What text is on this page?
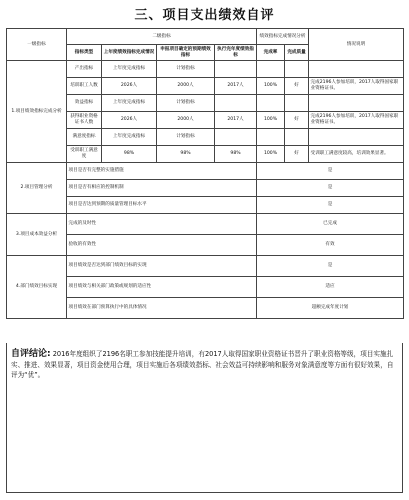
三、项目支出绩效自评
一级指标	二级指标				绩效指标完成情况分析		情况说明
	指标类型	上年度绩效指标完成情况	申报项目确定的预期绩效指标	执行完年度绩效指标	完成率	完成质量	
1.项目绩效指标完成分析	产出指标	上年度完成指标	计划指标				
	培训职工人数	2026人	2000人	2017人	100%	好	完成2196人参加培训，2017人取得国家职业资格证书。
	效益指标	上年度完成指标	计划指标				
	获得职业资格证书人数	2026人	2000人	2017人	100%	好	完成2196人参加培训，2017人取得国家职业资格证书。
	满意度指标	上年度完成指标	计划指标				
	受训职工满意度	98%	98%	98%	100%	好	受训职工满意度较高，培训效果显著。
2.项目管理分析	项目是否有完整的实施措施				是		
	项目是否有相应的控制机制				是		
	项目是否达到预期的质量管理目标水平				是		
3.项目成本效益分析	完成的及时性				已完成		
	验收的有效性				有效		
4.部门绩效目标实现	项目绩效是否达到部门绩效目标的实现				是		
	项目绩效与相关部门政策或规划的适应性				适应		
	项目绩效在部门预算执行中的具体情况				超额完成年度计划		
自评结论: 2016年度组织了2196名职工参加技能提升培训，有2017人取得国家职业资格证书晋升了职业资格等级，项目实施扎实、推进、效果显著，项目资金使用合理，项目实施后各项绩效指标、社会效益可持续影响和服务对象满意度等方面有很好效果，自评为“优”。
